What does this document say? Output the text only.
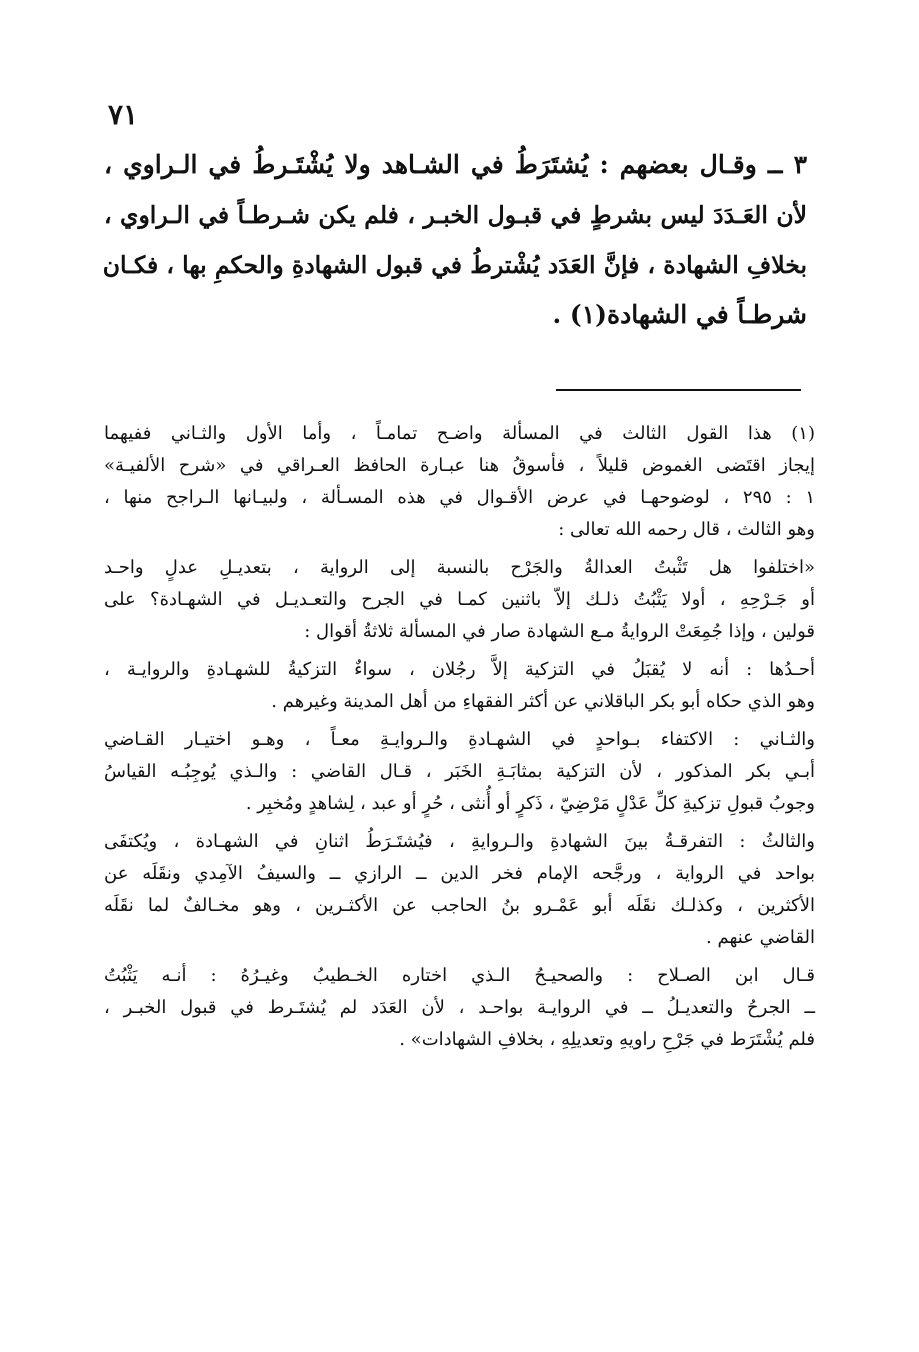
٧١
٣ ــ وقـال بعضهم : يُشتَرَطُ في الشـاهد ولا يُشْتَـرطُ في الـراوي ،
لأن العَـدَدَ ليس بشرطٍ في قبـول الخبـر ، فلم يكن شـرطـاً في الـراوي ،
بخلافِ الشهادة ، فإنَّ العَدَد يُشْترطُ في قبول الشهادةِ والحكمِ بها ، فكـان
شرطـاً في الشهادة(١) .
(١) هذا القول الثالث في المسألة واضـح تمامـاً ، وأما الأول والثـاني ففيهما
إيجاز اقتَضى الغموض قليلاً ، فأسوقُ هنا عبـارة الحافظ العـراقي في «شرح الألفيـة»
١ : ٢٩٥ ، لوضوحهـا في عرض الأقـوال في هذه المسـألة ، ولبيـانها الـراجح منها ،
وهو الثالث ، قال رحمه الله تعالى :
«اختلفوا هل تَثْبتُ العدالةُ والجَرْح بالنسبة إلى الرواية ، بتعديـلِ عدلٍ واحـد
أو جَـرْحِهِ ، أولا يَثْبُتُ ذلـك إلاّ باثنين كمـا في الجرح والتعـديـل في الشهـادة؟ على
قولين ، وإذا جُمِعَتْ الروايةُ مـع الشهادة صار في المسألة ثلاثةُ أقوال :
أحـدُها : أنه لا يُقبَلُ في التزكية إلاَّ رجُلان ، سواءٌ التزكيةُ للشهـادةِ والروايـة ،
وهو الذي حكاه أبو بكر الباقلاني عن أكثر الفقهاءِ من أهل المدينة وغيرهم .
والثـاني : الاكتفاء بـواحدٍ في الشهـادةِ والـروايـةِ معـاً ، وهـو اختيـار القـاضي
أبـي بكر المذكور ، لأن التزكية بمثابَـةِ الخَبَر ، قـال القاضي : والـذي يُوجِبُـه القياسُ
وجوبُ قبولِ تزكيةِ كلِّ عَدْلٍ مَرْضِيّ ، ذَكرٍ أو أُنثى ، حُرٍ أو عبد ، لِشاهدٍ ومُخبِر .
والثالثُ : التفرقـةُ بينَ الشهادةِ والـروايةِ ، فيُشتَـرَطُ اثنانِ في الشهـادة ، ويُكتفَى
بواحد في الرواية ، ورجَّحه الإمام فخر الدين ــ الرازي ــ والسيفُ الآمِدي ونقَلَه عن
الأكثرين ، وكذلـك نقَلَه أبو عَمْـرو بنُ الحاجب عن الأكثـرين ، وهو مخـالفٌ لما نقَلَه
القاضي عنهم .
قـال ابن الصـلاح : والصحيـحُ الـذي اختاره الخـطيبُ وغيـرُهُ : أنـه يَثْبُتُ
ــ الجرحُ والتعديـلُ ــ في الروايـة بواحـد ، لأن العَدَد لم يُشتَـرط في قبول الخبـر ،
فلم يُشْتَرَط في جَرْحِ راويهِ وتعديلِهِ ، بخلافِ الشهادات» .
